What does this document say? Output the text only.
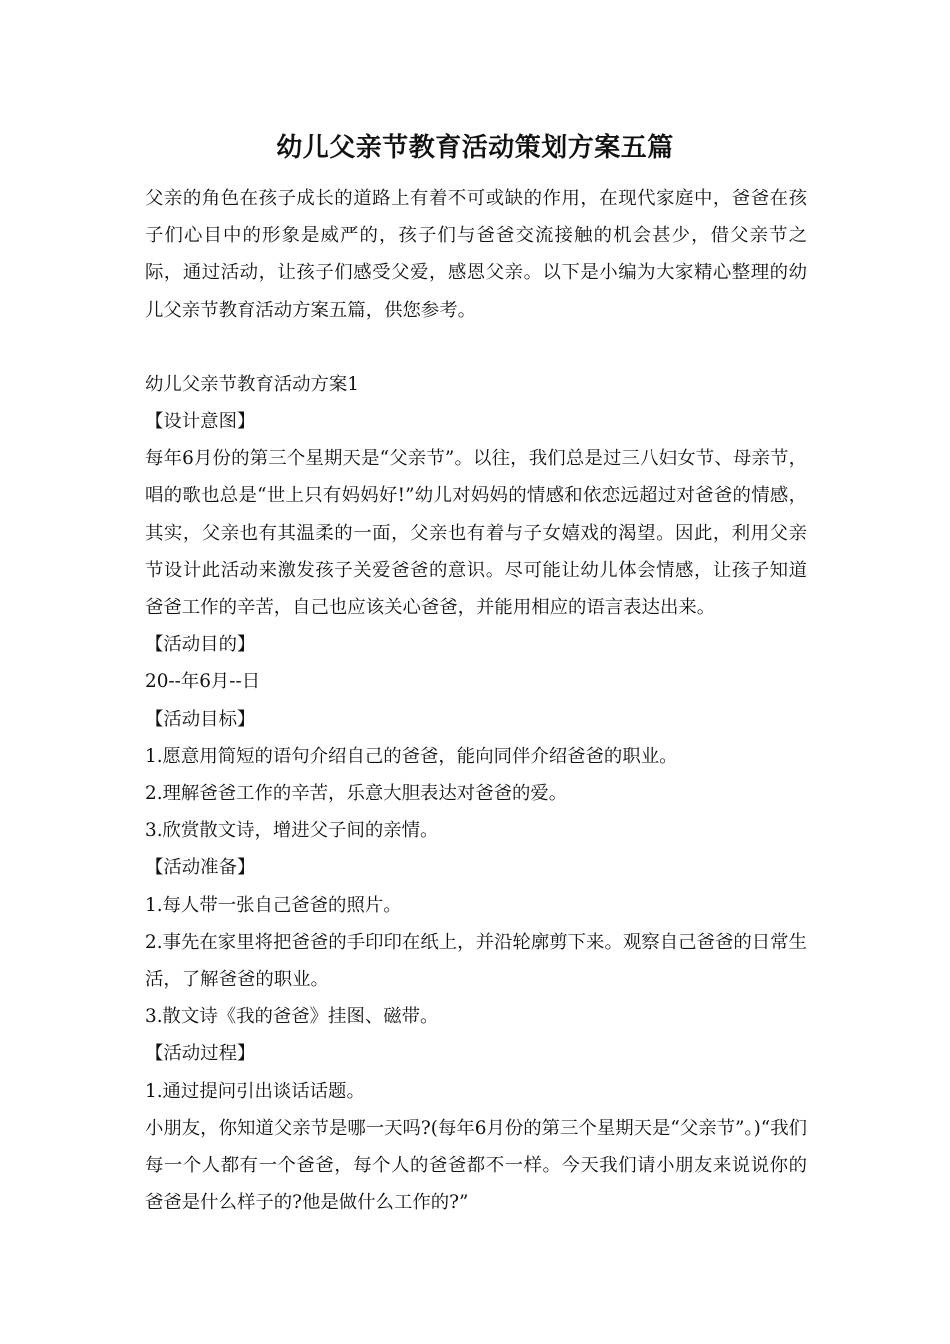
幼儿父亲节教育活动策划方案五篇

父亲的角色在孩子成长的道路上有着不可或缺的作用，在现代家庭中，爸爸在孩子们心目中的形象是威严的，孩子们与爸爸交流接触的机会甚少，借父亲节之际，通过活动，让孩子们感受父爱，感恩父亲。以下是小编为大家精心整理的幼儿父亲节教育活动方案五篇，供您参考。

幼儿父亲节教育活动方案1

【设计意图】

每年6月份的第三个星期天是“父亲节”。以往，我们总是过三八妇女节、母亲节，唱的歌也总是“世上只有妈妈好!”幼儿对妈妈的情感和依恋远超过对爸爸的情感，其实，父亲也有其温柔的一面，父亲也有着与子女嬉戏的渴望。因此，利用父亲节设计此活动来激发孩子关爱爸爸的意识。尽可能让幼儿体会情感，让孩子知道爸爸工作的辛苦，自己也应该关心爸爸，并能用相应的语言表达出来。

【活动目的】

20--年6月--日

【活动目标】

1.愿意用简短的语句介绍自己的爸爸，能向同伴介绍爸爸的职业。

2.理解爸爸工作的辛苦，乐意大胆表达对爸爸的爱。

3.欣赏散文诗，增进父子间的亲情。

【活动准备】

1.每人带一张自己爸爸的照片。

2.事先在家里将把爸爸的手印印在纸上，并沿轮廓剪下来。观察自己爸爸的日常生活，了解爸爸的职业。

3.散文诗《我的爸爸》挂图、磁带。

【活动过程】

1.通过提问引出谈话话题。

小朋友，你知道父亲节是哪一天吗?(每年6月份的第三个星期天是“父亲节”。)“我们每一个人都有一个爸爸，每个人的爸爸都不一样。今天我们请小朋友来说说你的爸爸是什么样子的?他是做什么工作的?”
